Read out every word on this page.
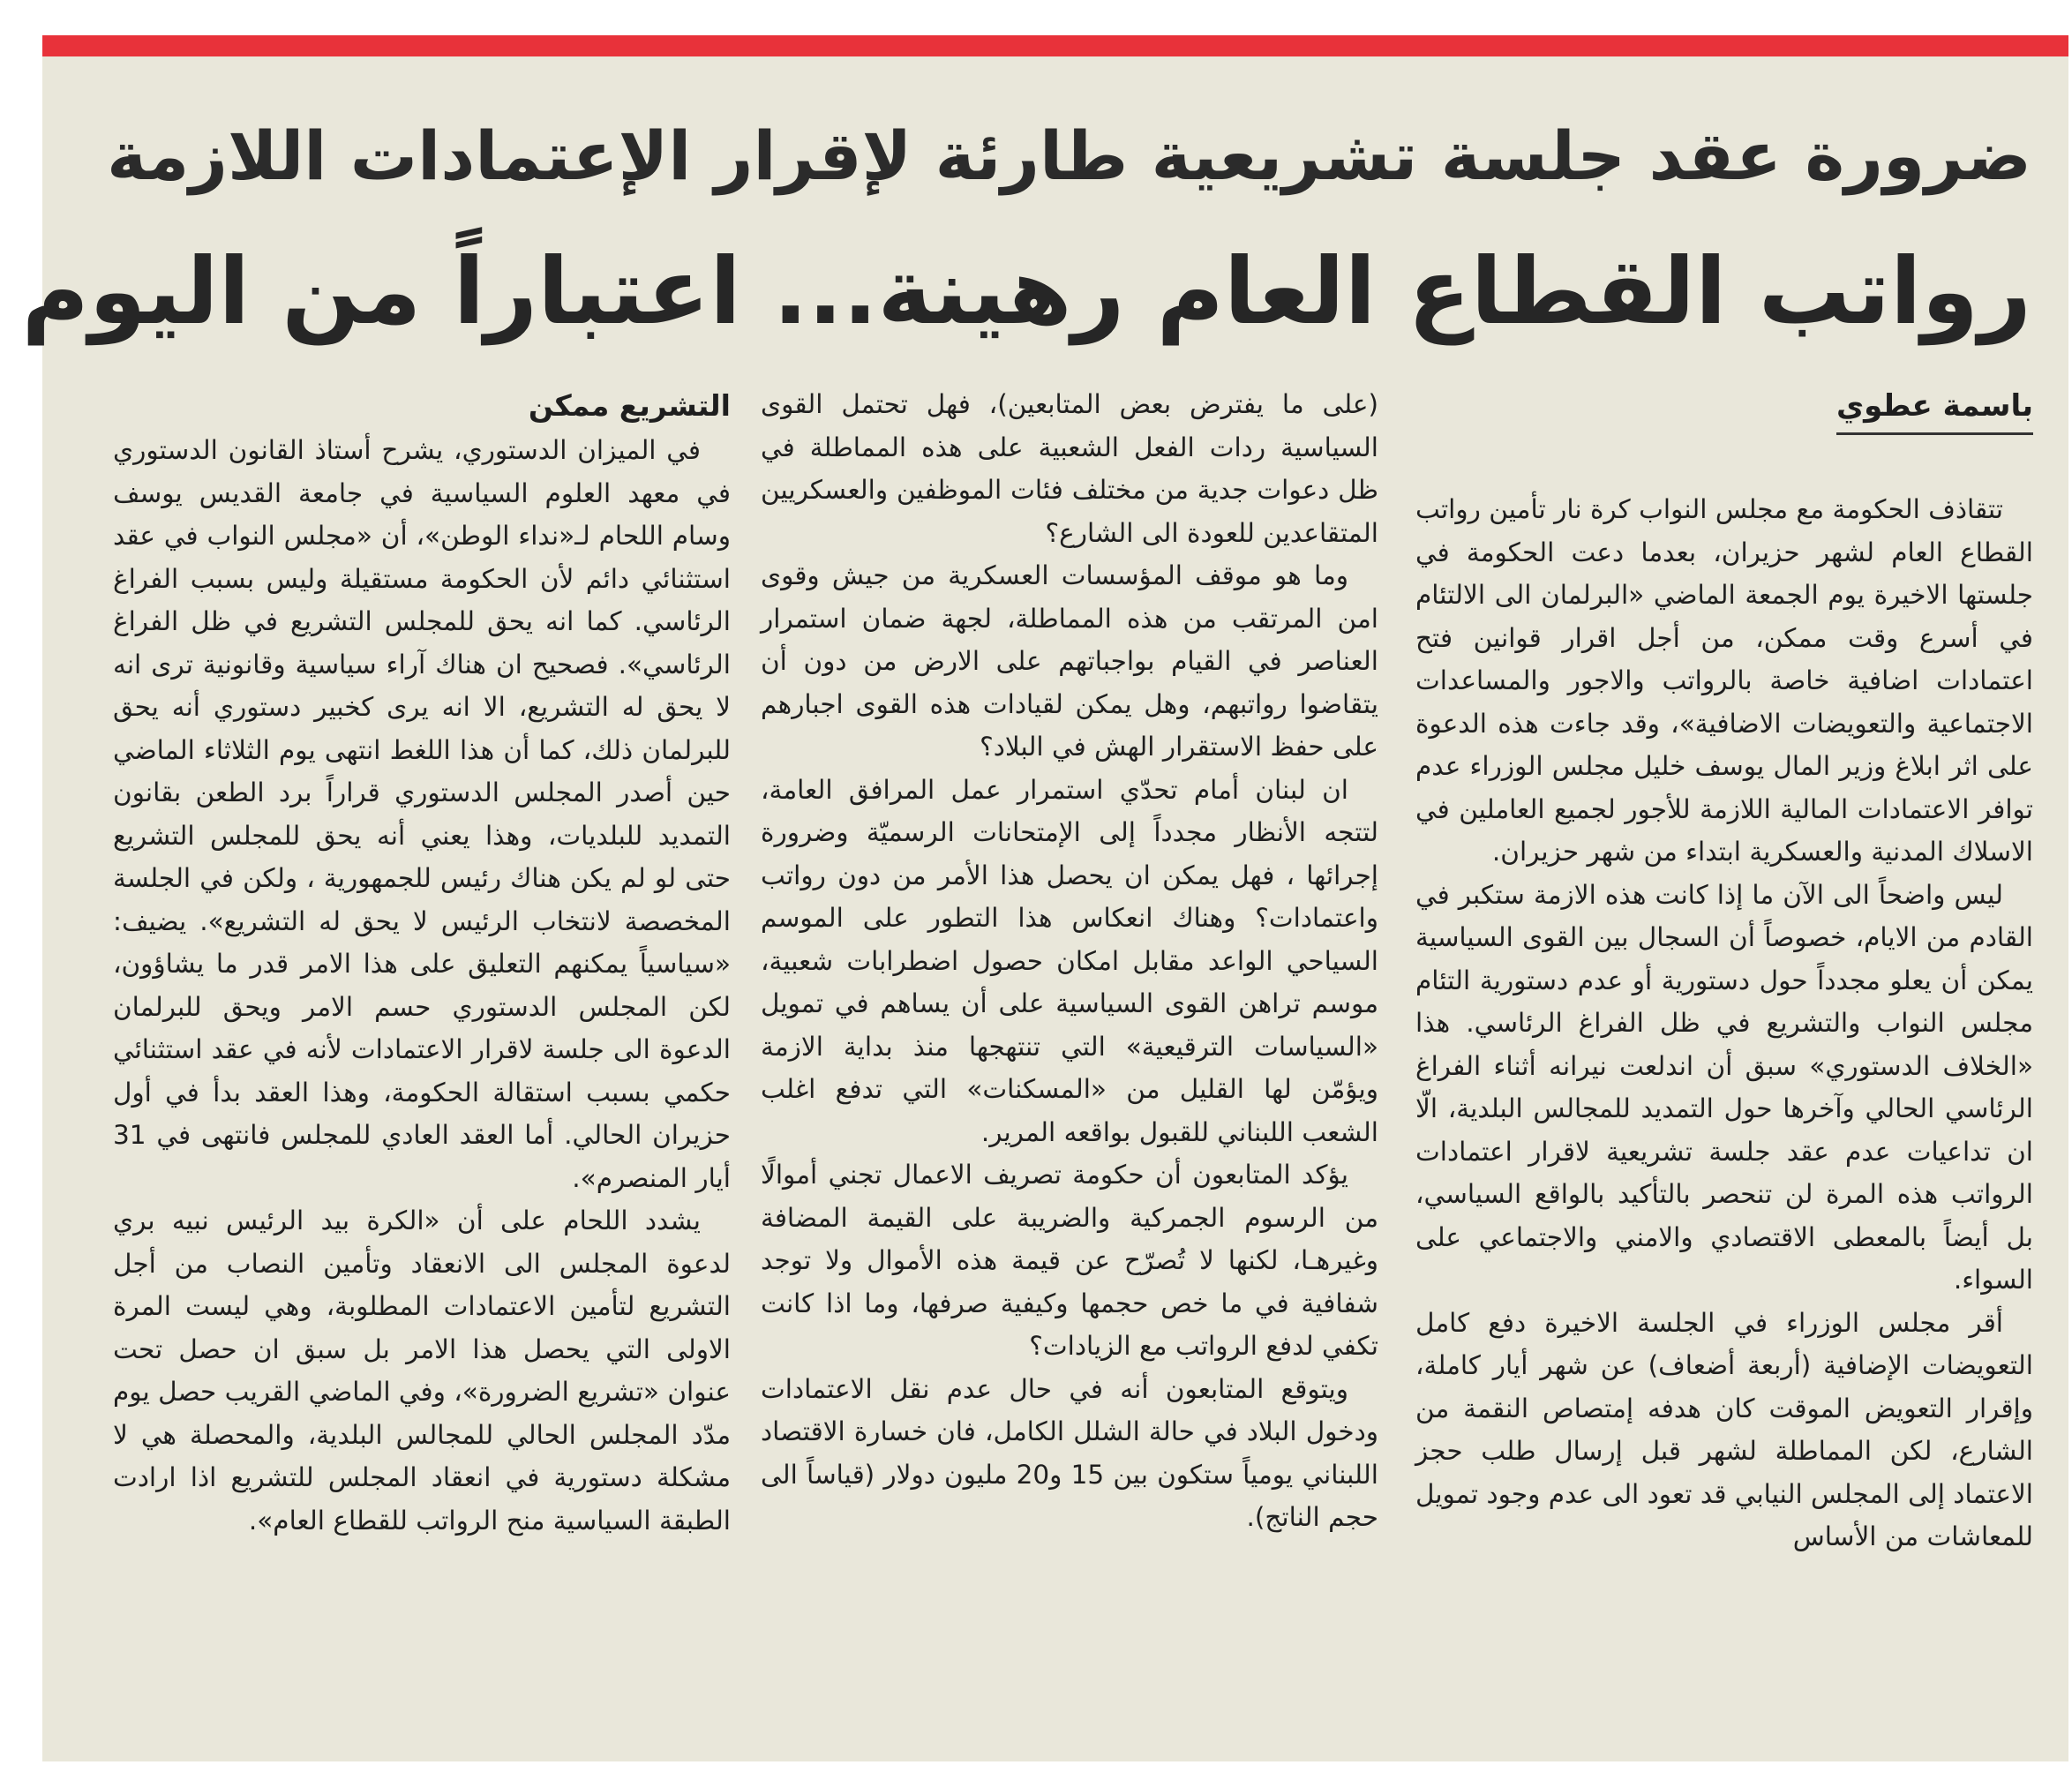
ضرورة عقد جلسة تشريعية طارئة لإقرار الإعتمادات اللازمة
رواتب القطاع العام رهينة... اعتباراً من اليوم
باسمة عطوي

تتقاذف الحكومة مع مجلس النواب كرة نار تأمين رواتب القطاع العام لشهر حزيران، بعدما دعت الحكومة في جلستها الاخيرة يوم الجمعة الماضي «البرلمان الى الالتئام في أسرع وقت ممكن، من أجل اقرار قوانين فتح اعتمادات اضافية خاصة بالرواتب والاجور والمساعدات الاجتماعية والتعويضات الاضافية»، وقد جاءت هذه الدعوة على اثر ابلاغ وزير المال يوسف خليل مجلس الوزراء عدم توافر الاعتمادات المالية اللازمة للأجور لجميع العاملين في الاسلاك المدنية والعسكرية ابتداء من شهر حزيران.

ليس واضحاً الى الآن ما إذا كانت هذه الازمة ستكبر في القادم من الايام، خصوصاً أن السجال بين القوى السياسية يمكن أن يعلو مجدداً حول دستورية أو عدم دستورية التئام مجلس النواب والتشريع في ظل الفراغ الرئاسي. هذا «الخلاف الدستوري» سبق أن اندلعت نيرانه أثناء الفراغ الرئاسي الحالي وآخرها حول التمديد للمجالس البلدية، الّا ان تداعيات عدم عقد جلسة تشريعية لاقرار اعتمادات الرواتب هذه المرة لن تنحصر بالتأكيد بالواقع السياسي، بل أيضاً بالمعطى الاقتصادي والامني والاجتماعي على السواء.

أقر مجلس الوزراء في الجلسة الاخيرة دفع كامل التعويضات الإضافية (أربعة أضعاف) عن شهر أيار كاملة، وإقرار التعويض الموقت كان هدفه إمتصاص النقمة من الشارع، لكن المماطلة لشهر قبل إرسال طلب حجز الاعتماد إلى المجلس النيابي قد تعود الى عدم وجود تمويل للمعاشات من الأساس

(على ما يفترض بعض المتابعين)، فهل تحتمل القوى السياسية ردات الفعل الشعبية على هذه المماطلة في ظل دعوات جدية من مختلف فئات الموظفين والعسكريين المتقاعدين للعودة الى الشارع؟

وما هو موقف المؤسسات العسكرية من جيش وقوى امن المرتقب من هذه المماطلة، لجهة ضمان استمرار العناصر في القيام بواجباتهم على الارض من دون أن يتقاضوا رواتبهم، وهل يمكن لقيادات هذه القوى اجبارهم على حفظ الاستقرار الهش في البلاد؟

ان لبنان أمام تحدّي استمرار عمل المرافق العامة، لتتجه الأنظار مجدداً إلى الإمتحانات الرسميّة وضرورة إجرائها ، فهل يمكن ان يحصل هذا الأمر من دون رواتب واعتمادات؟ وهناك انعكاس هذا التطور على الموسم السياحي الواعد مقابل امكان حصول اضطرابات شعبية، موسم تراهن القوى السياسية على أن يساهم في تمويل «السياسات الترقيعية» التي تنتهجها منذ بداية الازمة ويؤمّن لها القليل من «المسكنات» التي تدفع اغلب الشعب اللبناني للقبول بواقعه المرير.

يؤكد المتابعون أن حكومة تصريف الاعمال تجني أموالًا من الرسوم الجمركية والضريبة على القيمة المضافة وغيرهـا، لكنها لا تُصرّح عن قيمة هذه الأموال ولا توجد شفافية في ما خص حجمها وكيفية صرفها، وما اذا كانت تكفي لدفع الرواتب مع الزيادات؟

ويتوقع المتابعون أنه في حال عدم نقل الاعتمادات ودخول البلاد في حالة الشلل الكامل، فان خسارة الاقتصاد اللبناني يومياً ستكون بين 15 و20 مليون دولار (قياساً الى حجم الناتج).

التشريع ممكن

في الميزان الدستوري، يشرح أستاذ القانون الدستوري في معهد العلوم السياسية في جامعة القديس يوسف وسام اللحام لـ«نداء الوطن»، أن «مجلس النواب في عقد استثنائي دائم لأن الحكومة مستقيلة وليس بسبب الفراغ الرئاسي. كما انه يحق للمجلس التشريع في ظل الفراغ الرئاسي». فصحيح ان هناك آراء سياسية وقانونية ترى انه لا يحق له التشريع، الا انه يرى كخبير دستوري أنه يحق للبرلمان ذلك، كما أن هذا اللغط انتهى يوم الثلاثاء الماضي حين أصدر المجلس الدستوري قراراً برد الطعن بقانون التمديد للبلديات، وهذا يعني أنه يحق للمجلس التشريع حتى لو لم يكن هناك رئيس للجمهورية ، ولكن في الجلسة المخصصة لانتخاب الرئيس لا يحق له التشريع». يضيف: «سياسياً يمكنهم التعليق على هذا الامر قدر ما يشاؤون، لكن المجلس الدستوري حسم الامر ويحق للبرلمان الدعوة الى جلسة لاقرار الاعتمادات لأنه في عقد استثنائي حكمي بسبب استقالة الحكومة، وهذا العقد بدأ في أول حزيران الحالي. أما العقد العادي للمجلس فانتهى في 31 أيار المنصرم».

يشدد اللحام على أن «الكرة بيد الرئيس نبيه بري لدعوة المجلس الى الانعقاد وتأمين النصاب من أجل التشريع لتأمين الاعتمادات المطلوبة، وهي ليست المرة الاولى التي يحصل هذا الامر بل سبق ان حصل تحت عنوان «تشريع الضرورة»، وفي الماضي القريب حصل يوم مدّد المجلس الحالي للمجالس البلدية، والمحصلة هي لا مشكلة دستورية في انعقاد المجلس للتشريع اذا ارادت الطبقة السياسية منح الرواتب للقطاع العام».
